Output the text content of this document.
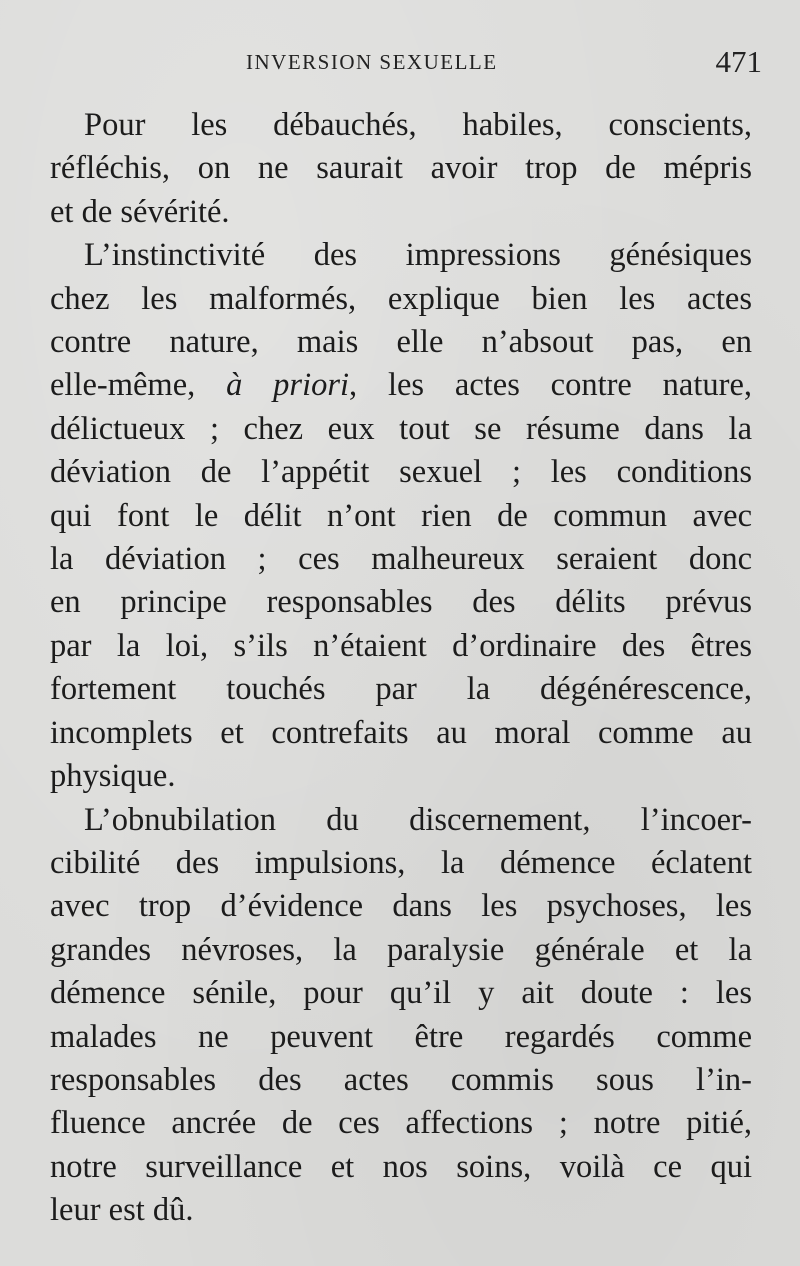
INVERSION SEXUELLE	471

Pour les débauchés, habiles, conscients,
réfléchis, on ne saurait avoir trop de mépris
et de sévérité.

L’instinctivité des impressions génésiques
chez les malformés, explique bien les actes
contre nature, mais elle n’absout pas, en
elle-même, à priori, les actes contre nature,
délictueux ; chez eux tout se résume dans la
déviation de l’appétit sexuel ; les conditions
qui font le délit n’ont rien de commun avec
la déviation ; ces malheureux seraient donc
en principe responsables des délits prévus
par la loi, s’ils n’étaient d’ordinaire des êtres
fortement touchés par la dégénérescence,
incomplets et contrefaits au moral comme au
physique.

L’obnubilation du discernement, l’incoer-
cibilité des impulsions, la démence éclatent
avec trop d’évidence dans les psychoses, les
grandes névroses, la paralysie générale et la
démence sénile, pour qu’il y ait doute : les
malades ne peuvent être regardés comme
responsables des actes commis sous l’in-
fluence ancrée de ces affections ; notre pitié,
notre surveillance et nos soins, voilà ce qui
leur est dû.
